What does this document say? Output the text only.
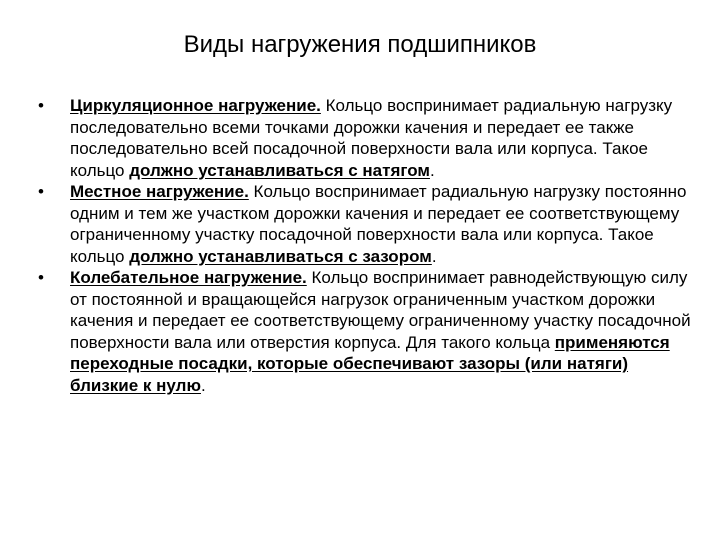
Виды нагружения подшипников
• Циркуляционное нагружение. Кольцо воспринимает радиальную нагрузку последовательно всеми точками дорожки качения и передает ее также последовательно всей посадочной поверхности вала или корпуса. Такое кольцо должно устанавливаться с натягом.
• Местное нагружение. Кольцо воспринимает радиальную нагрузку постоянно одним и тем же участком дорожки качения и передает ее соответствующему ограниченному участку посадочной поверхности вала или корпуса. Такое кольцо должно устанавливаться с зазором.
• Колебательное нагружение. Кольцо воспринимает равнодействующую силу от постоянной и вращающейся нагрузок ограниченным участком дорожки качения и передает ее соответствующему ограниченному участку посадочной поверхности вала или отверстия корпуса. Для такого кольца применяются переходные посадки, которые обеспечивают зазоры (или натяги) близкие к нулю.
